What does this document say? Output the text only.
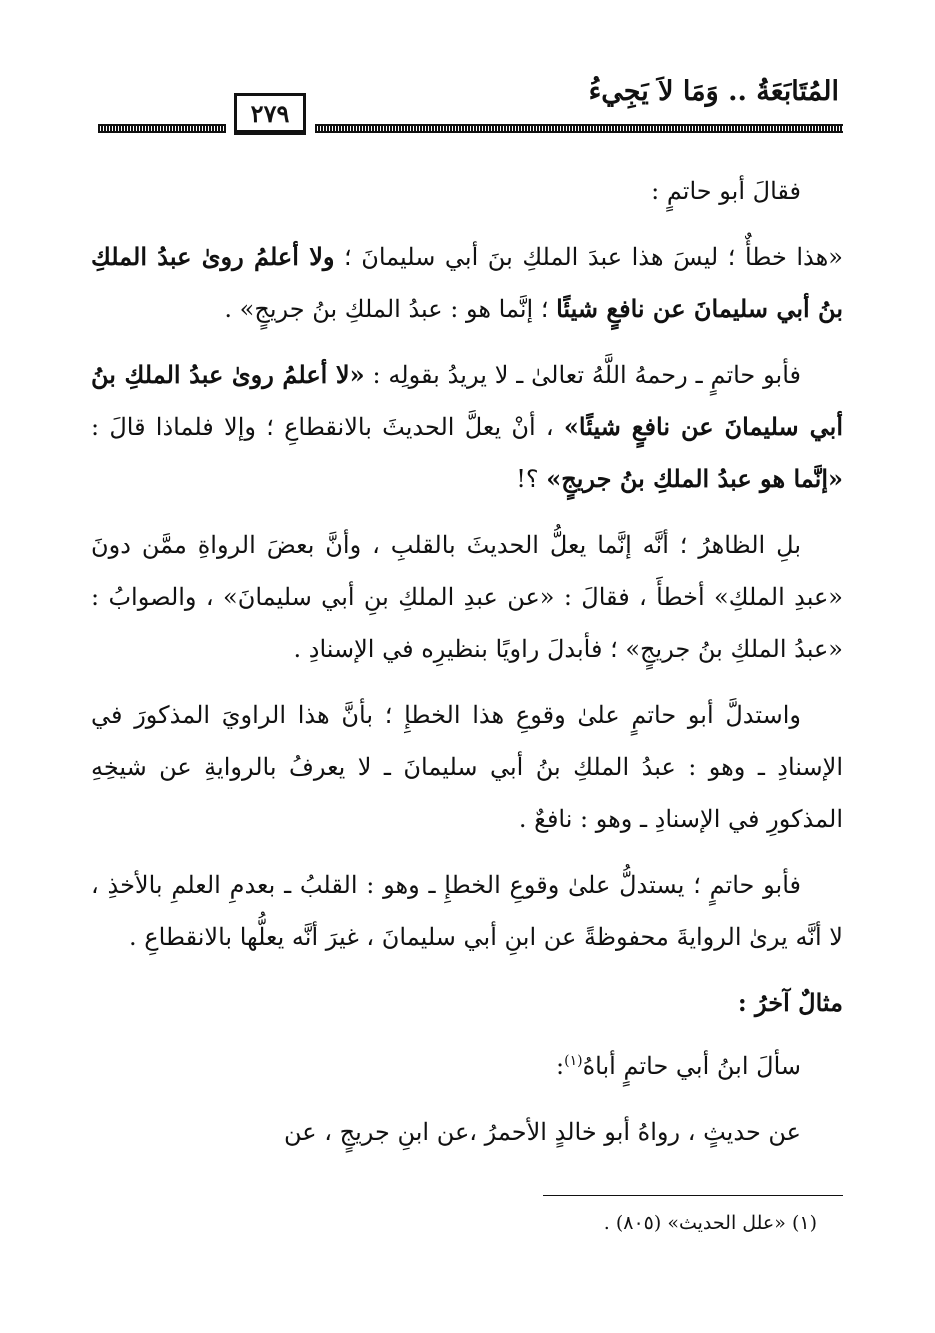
المُتَابَعَةُ .. وَمَا لاَ يَجِيءُ
٢٧٩

فقالَ أبو حاتمٍ :

«هذا خطأٌ ؛ ليسَ هذا عبدَ الملكِ بنَ أبي سليمانَ ؛ ولا أعلمُ روىٰ عبدُ الملكِ بنُ أبي سليمانَ عن نافعٍ شيئًا ؛ إنَّما هو : عبدُ الملكِ بنُ جريجٍ» .

فأبو حاتمٍ ـ رحمهُ اللَّهُ تعالىٰ ـ لا يريدُ بقولِه : «لا أعلمُ روىٰ عبدُ الملكِ بنُ أبي سليمانَ عن نافعٍ شيئًا» ، أنْ يعلَّ الحديثَ بالانقطاعِ ؛ وإلا فلماذا قالَ : «إنَّما هو عبدُ الملكِ بنُ جريجٍ» ؟!

بلِ الظاهرُ ؛ أنَّه إنَّما يعلُّ الحديثَ بالقلبِ ، وأنَّ بعضَ الرواةِ ممَّن دونَ «عبدِ الملكِ» أخطأَ ، فقالَ : «عن عبدِ الملكِ بنِ أبي سليمانَ» ، والصوابُ : «عبدُ الملكِ بنُ جريجٍ» ؛ فأبدلَ راويًا بنظيرِه في الإسنادِ .

واستدلَّ أبو حاتمٍ علىٰ وقوعِ هذا الخطإِ ؛ بأنَّ هذا الراويَ المذكورَ في الإسنادِ ـ وهو : عبدُ الملكِ بنُ أبي سليمانَ ـ لا يعرفُ بالروايةِ عن شيخِهِ المذكورِ في الإسنادِ ـ وهو : نافعٌ .

فأبو حاتمٍ ؛ يستدلُّ علىٰ وقوعِ الخطإِ ـ وهو : القلبُ ـ بعدمِ العلمِ بالأخذِ ، لا أنَّه يرىٰ الروايةَ محفوظةً عن ابنِ أبي سليمانَ ، غيرَ أنَّه يعلُّها بالانقطاعِ .

مثالٌ آخرُ :

سألَ ابنُ أبي حاتمٍ أباهُ$^{(١)}$:

عن حديثٍ ، رواهُ أبو خالدٍ الأحمرُ ،عن ابنِ جريجٍ ، عن

(١) «علل الحديث» (٨٠٥) .
